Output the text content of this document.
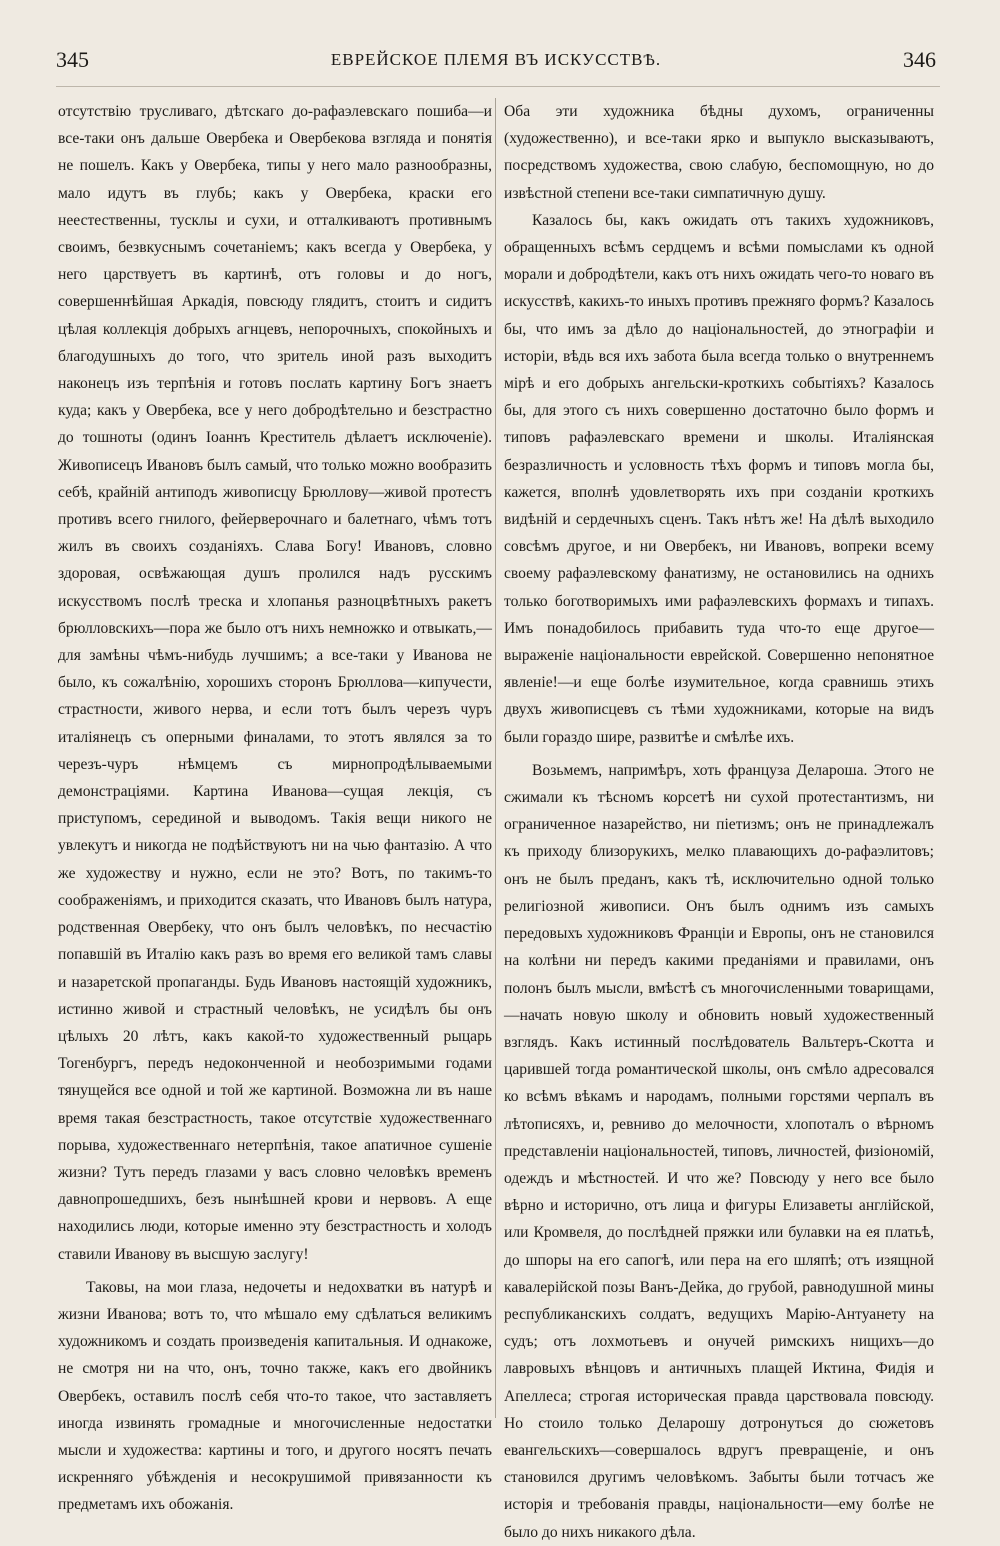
345	ЕВРЕЙСКОЕ ПЛЕМЯ ВЪ ИСКУССТВѢ.	346

отсутствію трусливаго, дѣтскаго до-рафаэлевскаго пошиба—и все-таки онъ дальше Овербека и Овербекова взгляда и понятія не пошелъ. Какъ у Овербека, типы у него мало разнообразны, мало идутъ въ глубь; какъ у Овербека, краски его неестественны, тусклы и сухи, и отталкиваютъ противнымъ своимъ, безвкуснымъ сочетаніемъ; какъ всегда у Овербека, у него царствуетъ въ картинѣ, отъ головы и до ногъ, совершеннѣйшая Аркадія, повсюду глядитъ, стоитъ и сидитъ цѣлая коллекція добрыхъ агнцевъ, непорочныхъ, спокойныхъ и благодушныхъ до того, что зритель иной разъ выходитъ наконецъ изъ терпѣнія и готовъ послать картину Богъ знаетъ куда; какъ у Овербека, все у него добродѣтельно и безстрастно до тошноты (одинъ Іоаннъ Креститель дѣлаетъ исключеніе). Живописецъ Ивановъ былъ самый, что только можно вообразить себѣ, крайній антиподъ живописцу Брюллову—живой протестъ противъ всего гнилого, фейерверочнаго и балетнаго, чѣмъ тотъ жилъ въ своихъ созданіяхъ. Слава Богу! Ивановъ, словно здоровая, освѣжающая душъ пролился надъ русскимъ искусствомъ послѣ треска и хлопанья разноцвѣтныхъ ракетъ брюлловскихъ—пора же было отъ нихъ немножко и отвыкать,—для замѣны чѣмъ-нибудь лучшимъ; а все-таки у Иванова не было, къ сожалѣнію, хорошихъ сторонъ Брюллова—кипучести, страстности, живого нерва, и если тотъ былъ черезъ чуръ италіянецъ съ оперными финалами, то этотъ являлся за то черезъ-чуръ нѣмцемъ съ мирнопродѣлываемыми демонстраціями. Картина Иванова—сущая лекція, съ приступомъ, серединой и выводомъ. Такія вещи никого не увлекутъ и никогда не подѣйствуютъ ни на чью фантазію. А что же художеству и нужно, если не это? Вотъ, по такимъ-то соображеніямъ, и приходится сказать, что Ивановъ былъ натура, родственная Овербеку, что онъ былъ человѣкъ, по несчастію попавшій въ Италію какъ разъ во время его великой тамъ славы и назаретской пропаганды. Будь Ивановъ настоящій художникъ, истинно живой и страстный человѣкъ, не усидѣлъ бы онъ цѣлыхъ 20 лѣтъ, какъ какой-то художественный рыцарь Тогенбургъ, передъ недоконченной и необозримыми годами тянущейся все одной и той же картиной. Возможна ли въ наше время такая безстрастность, такое отсутствіе художественнаго порыва, художественнаго нетерпѣнія, такое апатичное сушеніе жизни? Тутъ передъ глазами у васъ словно человѣкъ временъ давнопрошедшихъ, безъ нынѣшней крови и нервовъ. А еще находились люди, которые именно эту безстрастность и холодъ ставили Иванову въ высшую заслугу!

Таковы, на мои глаза, недочеты и недохватки въ натурѣ и жизни Иванова; вотъ то, что мѣшало ему сдѣлаться великимъ художникомъ и создать произведенія капитальныя. И однакоже, не смотря ни на что, онъ, точно также, какъ его двойникъ Овербекъ, оставилъ послѣ себя что-то такое, что заставляетъ иногда извинять громадные и многочисленные недостатки мысли и художества: картины и того, и другого носятъ печать искренняго убѣжденія и несокрушимой привязанности къ предметамъ ихъ обожанія.

Оба эти художника бѣдны духомъ, ограниченны (художественно), и все-таки ярко и выпукло высказываютъ, посредствомъ художества, свою слабую, беспомощную, но до извѣстной степени все-таки симпатичную душу.

Казалось бы, какъ ожидать отъ такихъ художниковъ, обращенныхъ всѣмъ сердцемъ и всѣми помыслами къ одной морали и добродѣтели, какъ отъ нихъ ожидать чего-то новаго въ искусствѣ, какихъ-то иныхъ противъ прежняго формъ? Казалось бы, что имъ за дѣло до національностей, до этнографіи и исторіи, вѣдь вся ихъ забота была всегда только о внутреннемъ мірѣ и его добрыхъ ангельски-кроткихъ событіяхъ? Казалось бы, для этого съ нихъ совершенно достаточно было формъ и типовъ рафаэлевскаго времени и школы. Италіянская безразличность и условность тѣхъ формъ и типовъ могла бы, кажется, вполнѣ удовлетворять ихъ при созданіи кроткихъ видѣній и сердечныхъ сценъ. Такъ нѣтъ же! На дѣлѣ выходило совсѣмъ другое, и ни Овербекъ, ни Ивановъ, вопреки всему своему рафаэлевскому фанатизму, не остановились на однихъ только боготворимыхъ ими рафаэлевскихъ формахъ и типахъ. Имъ понадобилось прибавить туда что-то еще другое—выраженіе національности еврейской. Совершенно непонятное явленіе!—и еще болѣе изумительное, когда сравнишь этихъ двухъ живописцевъ съ тѣми художниками, которые на видъ были гораздо шире, развитѣе и смѣлѣе ихъ.

Возьмемъ, напримѣръ, хоть француза Делароша. Этого не сжимали къ тѣсномъ корсетѣ ни сухой протестантизмъ, ни ограниченное назарейство, ни піетизмъ; онъ не принадлежалъ къ приходу близорукихъ, мелко плавающихъ до-рафаэлитовъ; онъ не былъ преданъ, какъ тѣ, исключительно одной только религіозной живописи. Онъ былъ однимъ изъ самыхъ передовыхъ художниковъ Франціи и Европы, онъ не становился на колѣни ни передъ какими преданіями и правилами, онъ полонъ былъ мысли, вмѣстѣ съ многочисленными товарищами,—начать новую школу и обновить новый художественный взглядъ. Какъ истинный послѣдователь Вальтеръ-Скотта и царившей тогда романтической школы, онъ смѣло адресовался ко всѣмъ вѣкамъ и народамъ, полными горстями черпалъ въ лѣтописяхъ, и, ревниво до мелочности, хлопоталъ о вѣрномъ представленіи національностей, типовъ, личностей, физіономій, одеждъ и мѣстностей. И что же? Повсюду у него все было вѣрно и исторично, отъ лица и фигуры Елизаветы англійской, или Кромвеля, до послѣдней пряжки или булавки на ея платьѣ, до шпоры на его сапогѣ, или пера на его шляпѣ; отъ изящной кавалерійской позы Ванъ-Дейка, до грубой, равнодушной мины республиканскихъ солдатъ, ведущихъ Марію-Антуанету на судъ; отъ лохмотьевъ и онучей римскихъ нищихъ—до лавровыхъ вѣнцовъ и античныхъ плащей Иктина, Фидія и Апеллеса; строгая историческая правда царствовала повсюду. Но стоило только Деларошу дотронуться до сюжетовъ евангельскихъ—совершалось вдругъ превращеніе, и онъ становился другимъ человѣкомъ. Забыты были тотчасъ же исторія и требованія правды, національности—ему болѣе не было до нихъ никакого дѣла.
